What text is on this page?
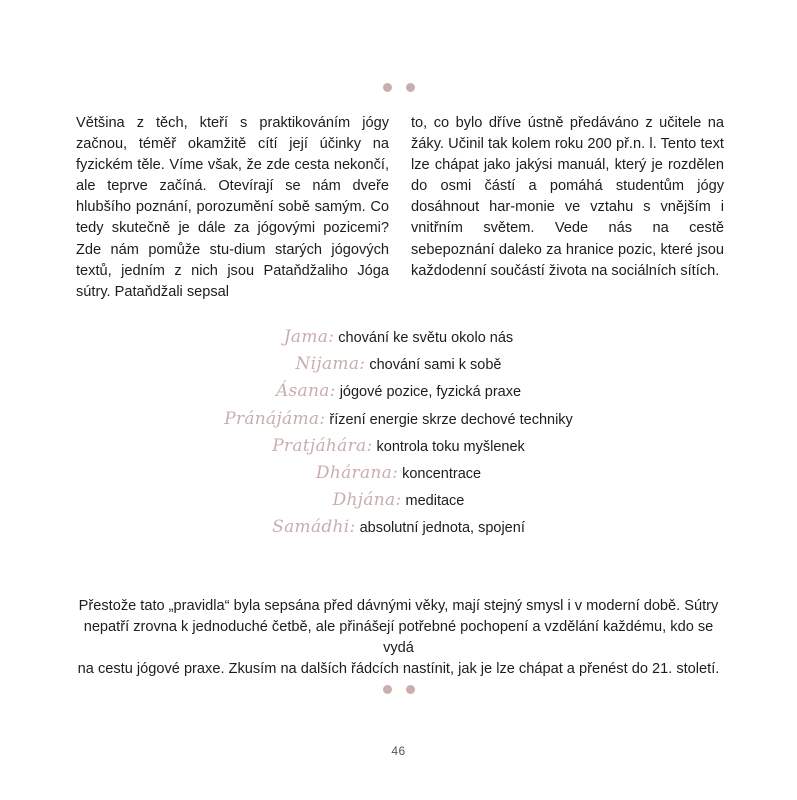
Většina z těch, kteří s praktikováním jógy začnou, téměř okamžitě cítí její účinky na fyzickém těle. Víme však, že zde cesta nekončí, ale teprve začíná. Otevírají se nám dveře hlubšího poznání, porozumění sobě samým. Co tedy skutečně je dále za jógovými pozicemi? Zde nám pomůže stu-dium starých jógových textů, jedním z nich jsou Pataňdžaliho Jóga sútry. Pataňdžali sepsal

to, co bylo dříve ústně předáváno z učitele na žáky. Učinil tak kolem roku 200 př.n. l. Tento text lze chápat jako jakýsi manuál, který je rozdělen do osmi částí a pomáhá studentům jógy dosáhnout har-monie ve vztahu s vnějším i vnitřním světem. Vede nás na cestě sebepoznání daleko za hranice pozic, které jsou každodenní součástí života na sociálních sítích.

Jama: chování ke světu okolo nás
Nijama: chování sami k sobě
Ásana: jógové pozice, fyzická praxe
Pránájáma: řízení energie skrze dechové techniky
Pratjáhára: kontrola toku myšlenek
Dhárana: koncentrace
Dhjána: meditace
Samádhi: absolutní jednota, spojení

Přestože tato „pravidla“ byla sepsána před dávnými věky, mají stejný smysl i v moderní době. Sútry

nepatří zrovna k jednoduché četbě, ale přinášejí potřebné pochopení a vzdělání každému, kdo se vydá

na cestu jógové praxe. Zkusím na dalších řádcích nastínit, jak je lze chápat a přenést do 21. století.

46
